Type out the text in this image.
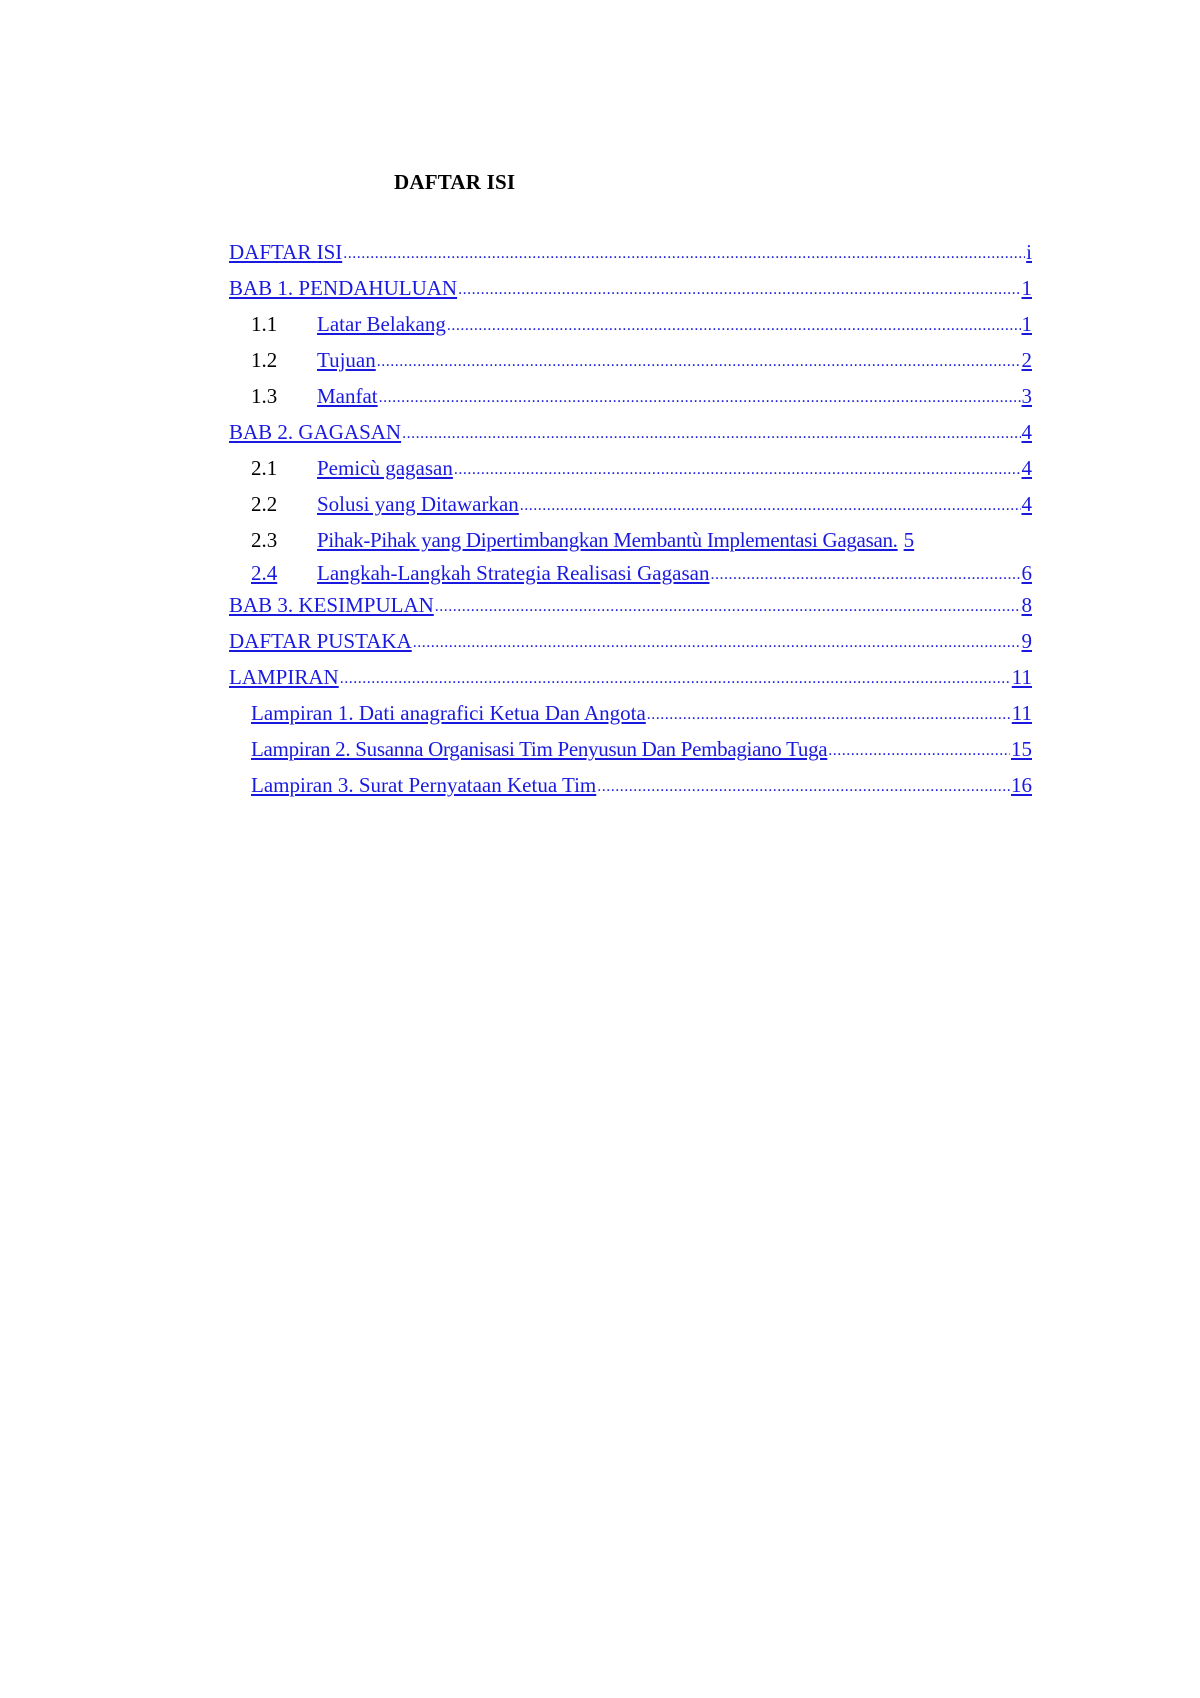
DAFTAR ISI
DAFTAR ISI .....	i
BAB 1. PENDAHULUAN .....	1
1.1	Latar Belakang .....	1
1.2	Tujuan .....	2
1.3	Manfat .....	3
BAB 2. GAGASAN .....	4
2.1	Pemicù gagasan .....	4
2.2	Solusi yang Ditawarkan .....	4
2.3	Pihak-Pihak yang Dipertimbangkan Membantù Implementasi Gagasan. 5
2.4	Langkah-Langkah Strategia Realisasi Gagasan .....	6
BAB 3. KESIMPULAN .....	8
DAFTAR PUSTAKA .....	9
LAMPIRAN .....	11
Lampiran 1. Dati anagrafici Ketua Dan Angota .....	11
Lampiran 2. Susanna Organisasi Tim Penyusun Dan Pembagiano Tuga .....	15
Lampiran 3. Surat Pernyataan Ketua Tim .....	16
